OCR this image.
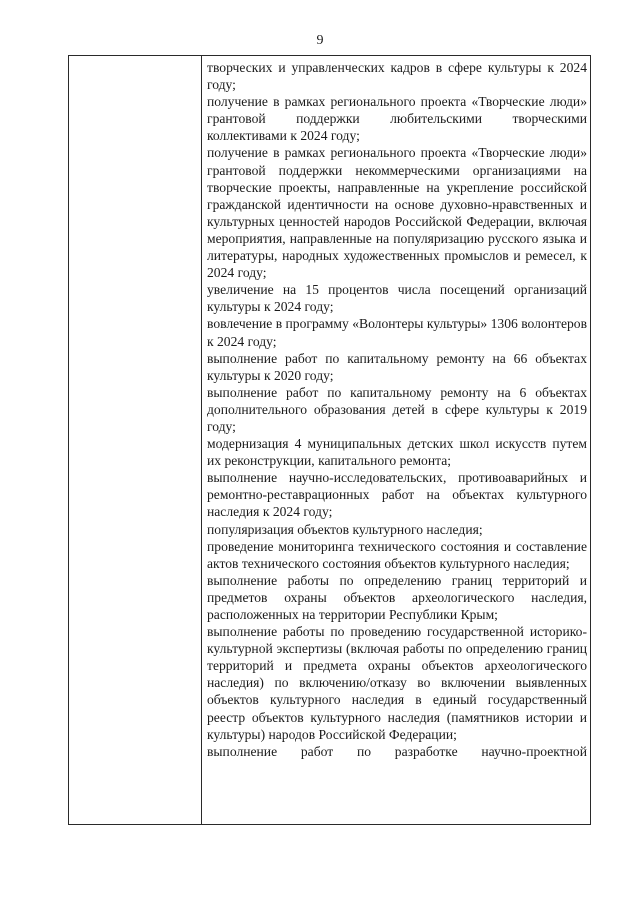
9
творческих и управленческих кадров в сфере культуры к 2024 году;
получение в рамках регионального проекта «Творческие люди» грантовой поддержки любительскими творческими коллективами к 2024 году;
получение в рамках регионального проекта «Творческие люди» грантовой поддержки некоммерческими организациями на творческие проекты, направленные на укрепление российской гражданской идентичности на основе духовно-нравственных и культурных ценностей народов Российской Федерации, включая мероприятия, направленные на популяризацию русского языка и литературы, народных художественных промыслов и ремесел, к 2024 году;
увеличение на 15 процентов числа посещений организаций культуры к 2024 году;
вовлечение в программу «Волонтеры культуры» 1306 волонтеров к 2024 году;
выполнение работ по капитальному ремонту на 66 объектах культуры к 2020 году;
выполнение работ по капитальному ремонту на 6 объектах дополнительного образования детей в сфере культуры к 2019 году;
модернизация 4 муниципальных детских школ искусств путем их реконструкции, капитального ремонта;
выполнение научно-исследовательских, противоаварийных и ремонтно-реставрационных работ на объектах культурного наследия к 2024 году;
популяризация объектов культурного наследия;
проведение мониторинга технического состояния и составление актов технического состояния объектов культурного наследия;
выполнение работы по определению границ территорий и предметов охраны объектов археологического наследия, расположенных на территории Республики Крым;
выполнение работы по проведению государственной историко-культурной экспертизы (включая работы по определению границ территорий и предмета охраны объектов археологического наследия) по включению/отказу во включении выявленных объектов культурного наследия в единый государственный реестр объектов культурного наследия (памятников истории и культуры) народов Российской Федерации;
выполнение работ по разработке научно-проектной
